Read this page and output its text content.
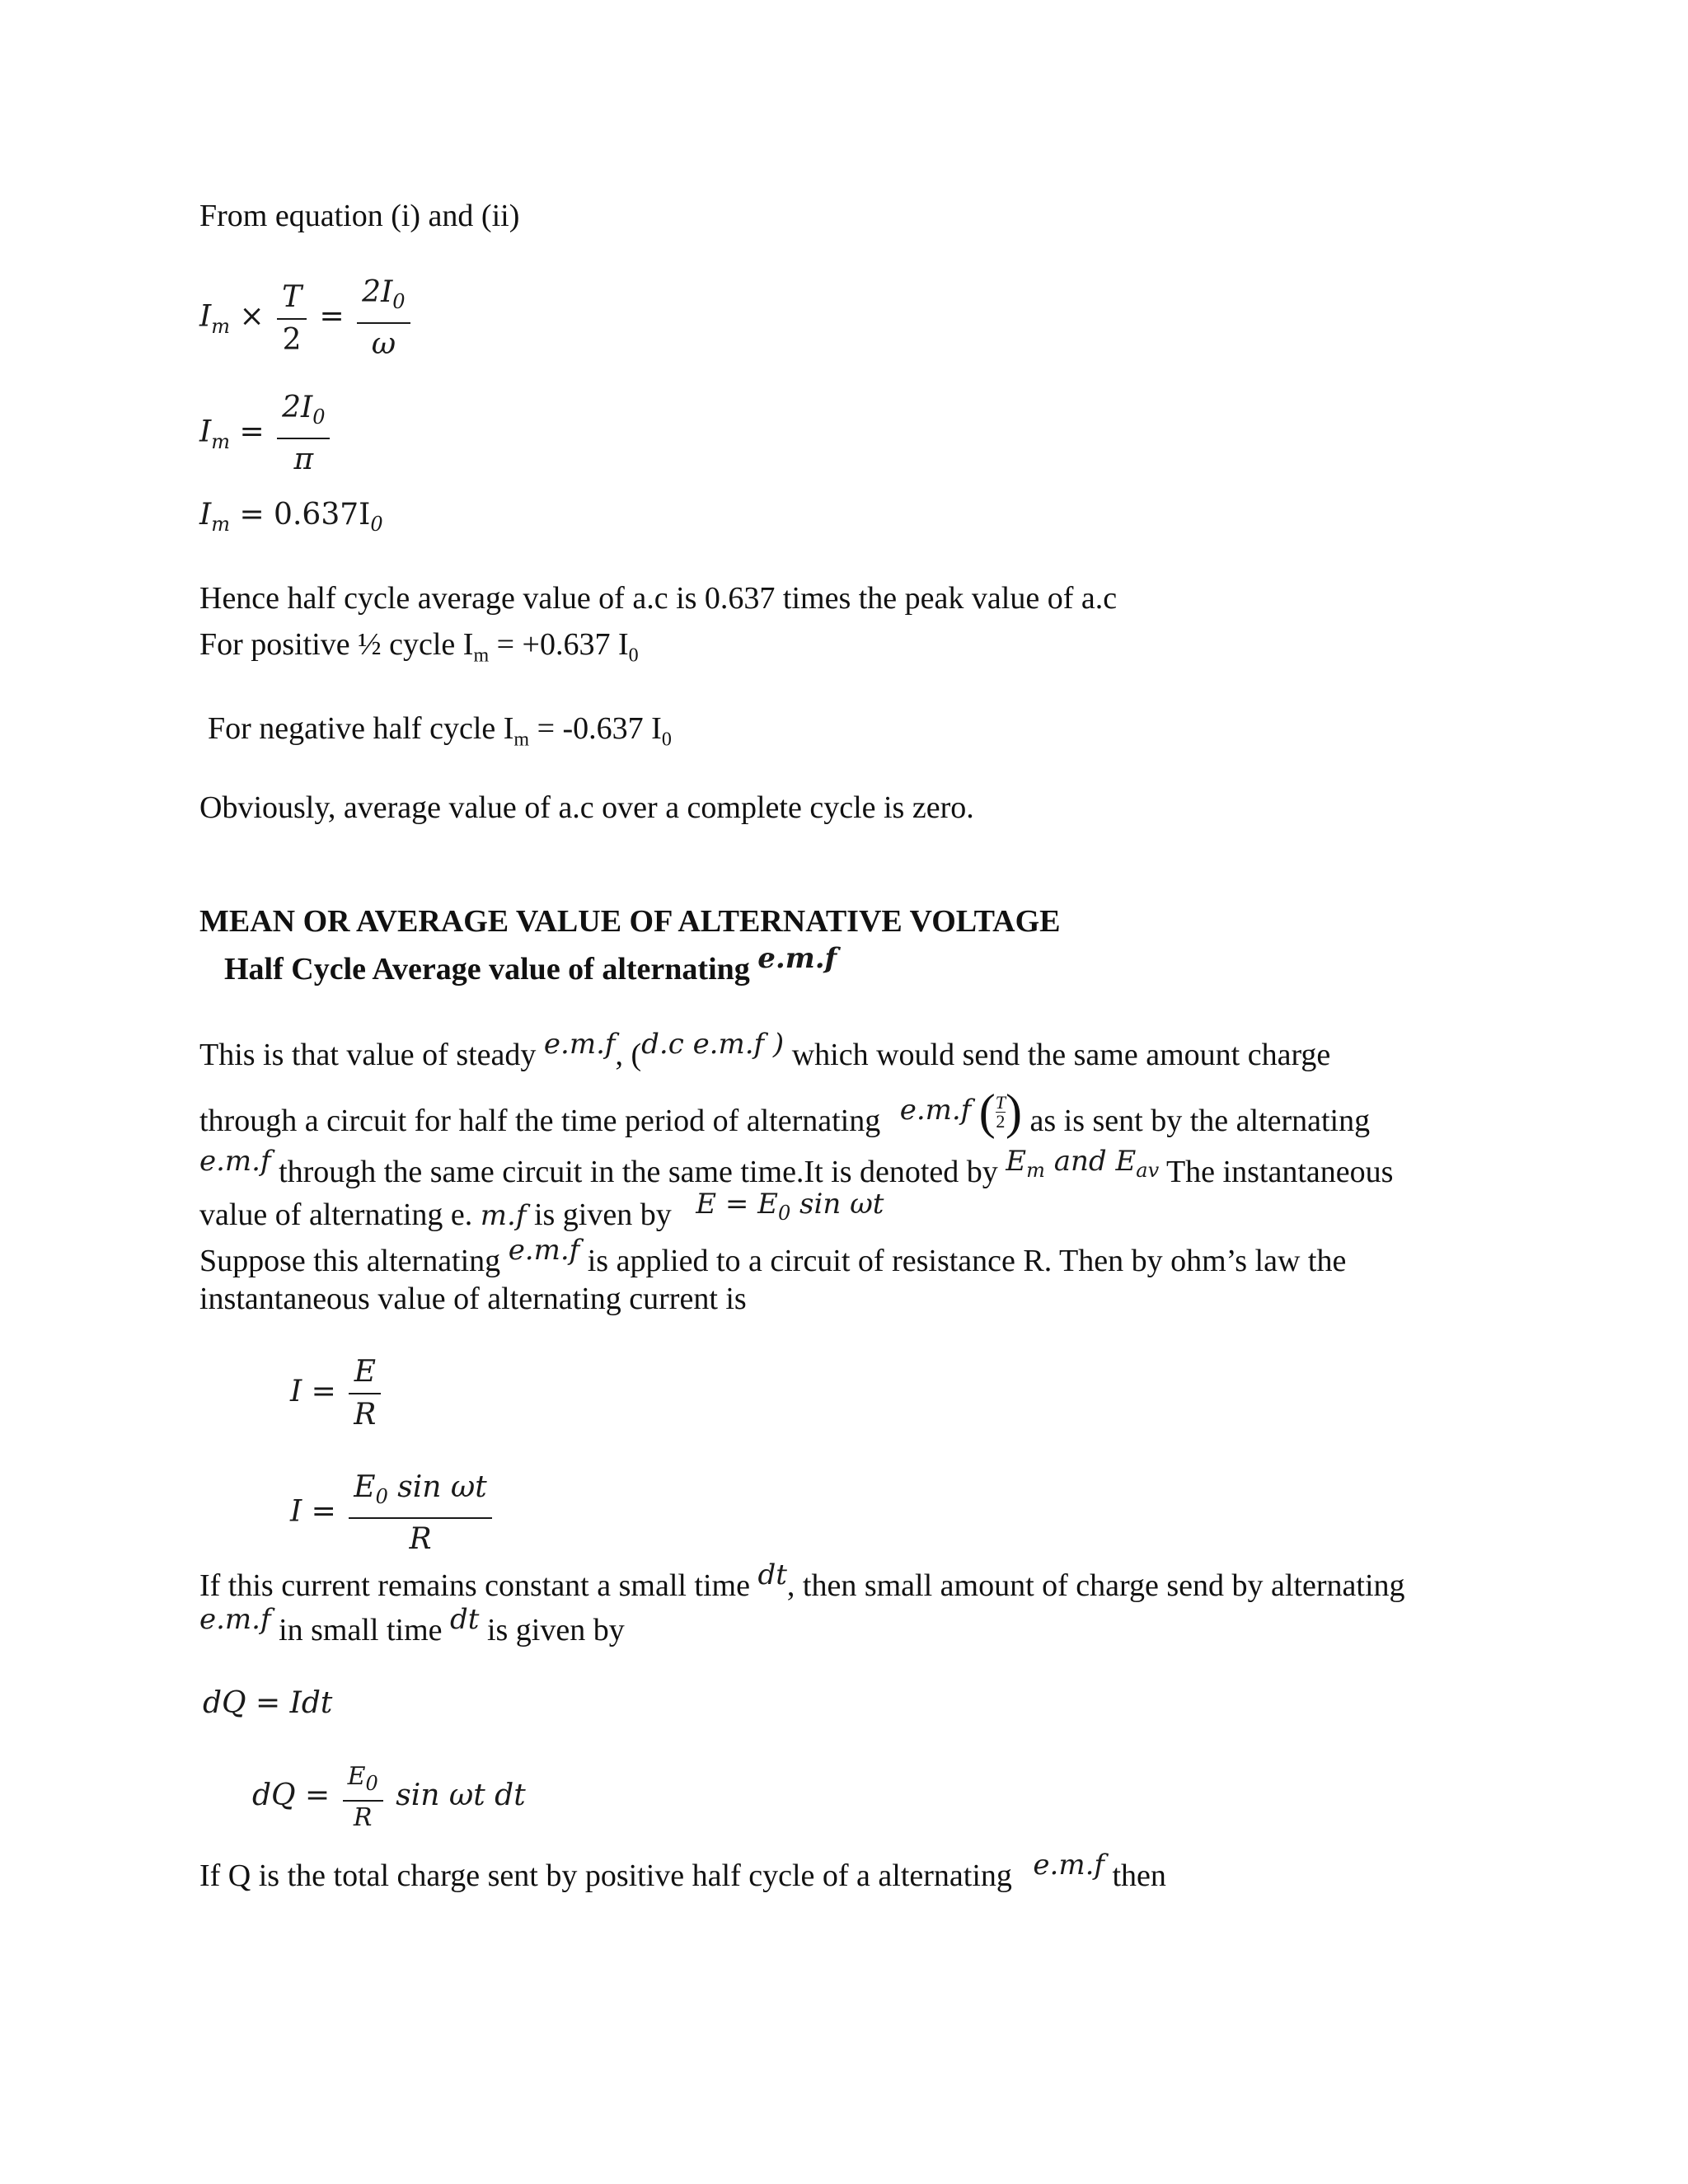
From equation (i) and (ii)
$I_m \times \frac{T}{2} = \frac{2I_0}{\omega}$
$I_m = \frac{2I_0}{\pi}$
$I_m = 0.637I_0$
Hence half cycle average value of a.c is 0.637 times the peak value of a.c
For positive ½ cycle $I_m = +0.637$ $I_0$
For negative half cycle $I_m = -0.637$ $I_0$
Obviously, average value of a.c over a complete cycle is zero.
MEAN OR AVERAGE VALUE OF ALTERNATIVE VOLTAGE
Half Cycle Average value of alternating e.m.f
This is that value of steady e.m.f, (d.c e.m.f ) which would send the same amount charge
through a circuit for half the time period of alternating e.m.f ( $\frac{T}{2}$ ) as is sent by the alternating
e.m.f through the same circuit in the same time.It is denoted by $E_m$ and $E_{av}$ The instantaneous
value of alternating e. m.f is given by $E = E_0$ sin ωt
Suppose this alternating e.m.f is applied to a circuit of resistance R. Then by ohm’s law the
instantaneous value of alternating current is
$I = \frac{E}{R}$
$I = \frac{E_0 \sin \omega t}{R}$
If this current remains constant a small time dt, then small amount of charge send by alternating
e.m.f in small time dt is given by
dQ = Idt
dQ = $\frac{E_0}{R}$ sin ωt dt
If Q is the total charge sent by positive half cycle of a alternating e.m.f then
